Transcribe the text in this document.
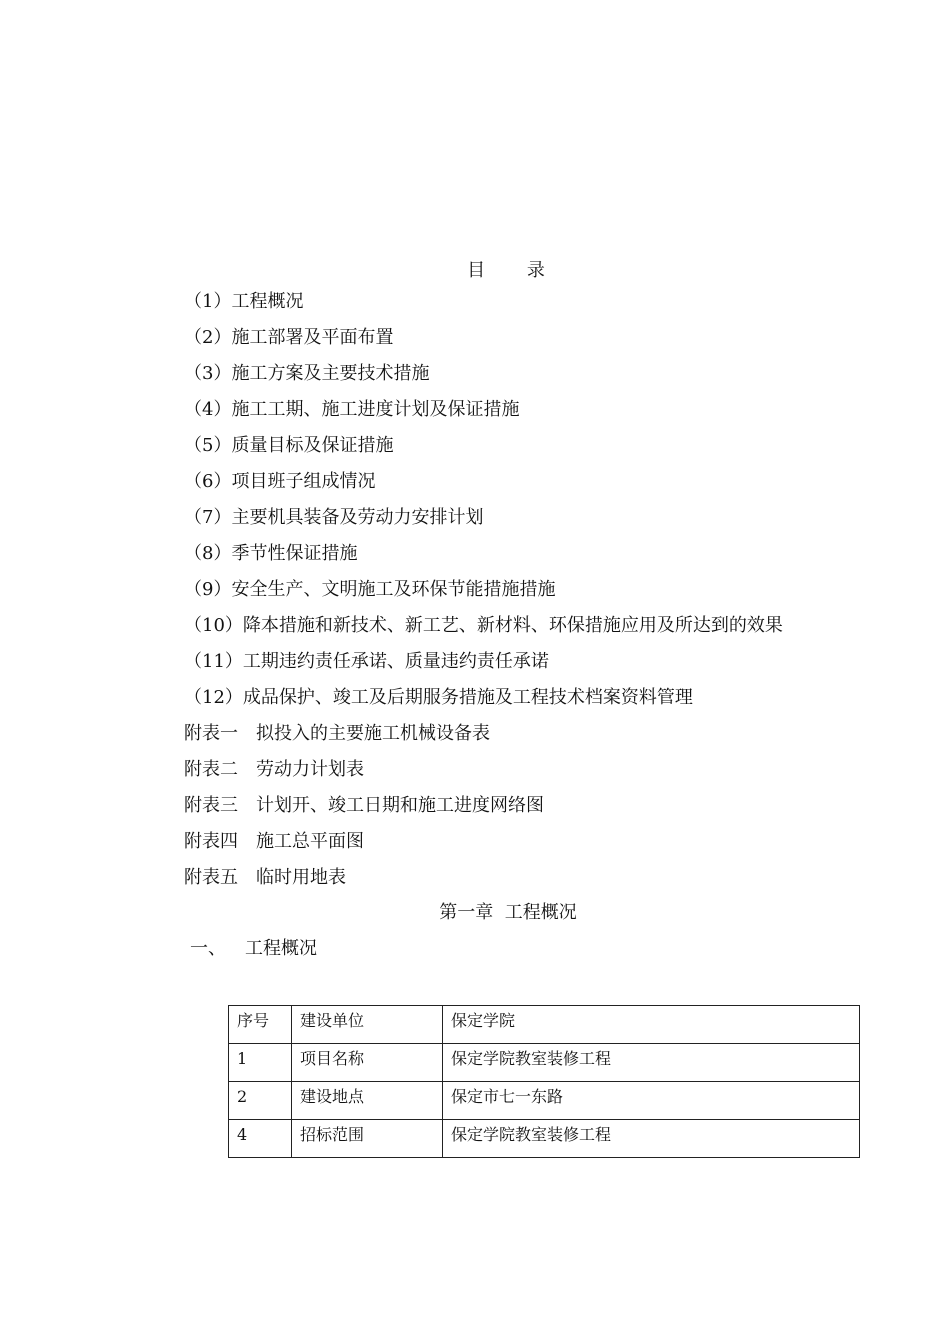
目 录
（1）工程概况
（2）施工部署及平面布置
（3）施工方案及主要技术措施
（4）施工工期、施工进度计划及保证措施
（5）质量目标及保证措施
（6）项目班子组成情况
（7）主要机具装备及劳动力安排计划
（8）季节性保证措施
（9）安全生产、文明施工及环保节能措施措施
（10）降本措施和新技术、新工艺、新材料、环保措施应用及所达到的效果
（11）工期违约责任承诺、质量违约责任承诺
（12）成品保护、竣工及后期服务措施及工程技术档案资料管理
附表一 拟投入的主要施工机械设备表
附表二 劳动力计划表
附表三 计划开、竣工日期和施工进度网络图
附表四 施工总平面图
附表五 临时用地表
第一章  工程概况
一、 工程概况
序号	建设单位	保定学院
1	项目名称	保定学院教室装修工程
2	建设地点	保定市七一东路
4	招标范围	保定学院教室装修工程
